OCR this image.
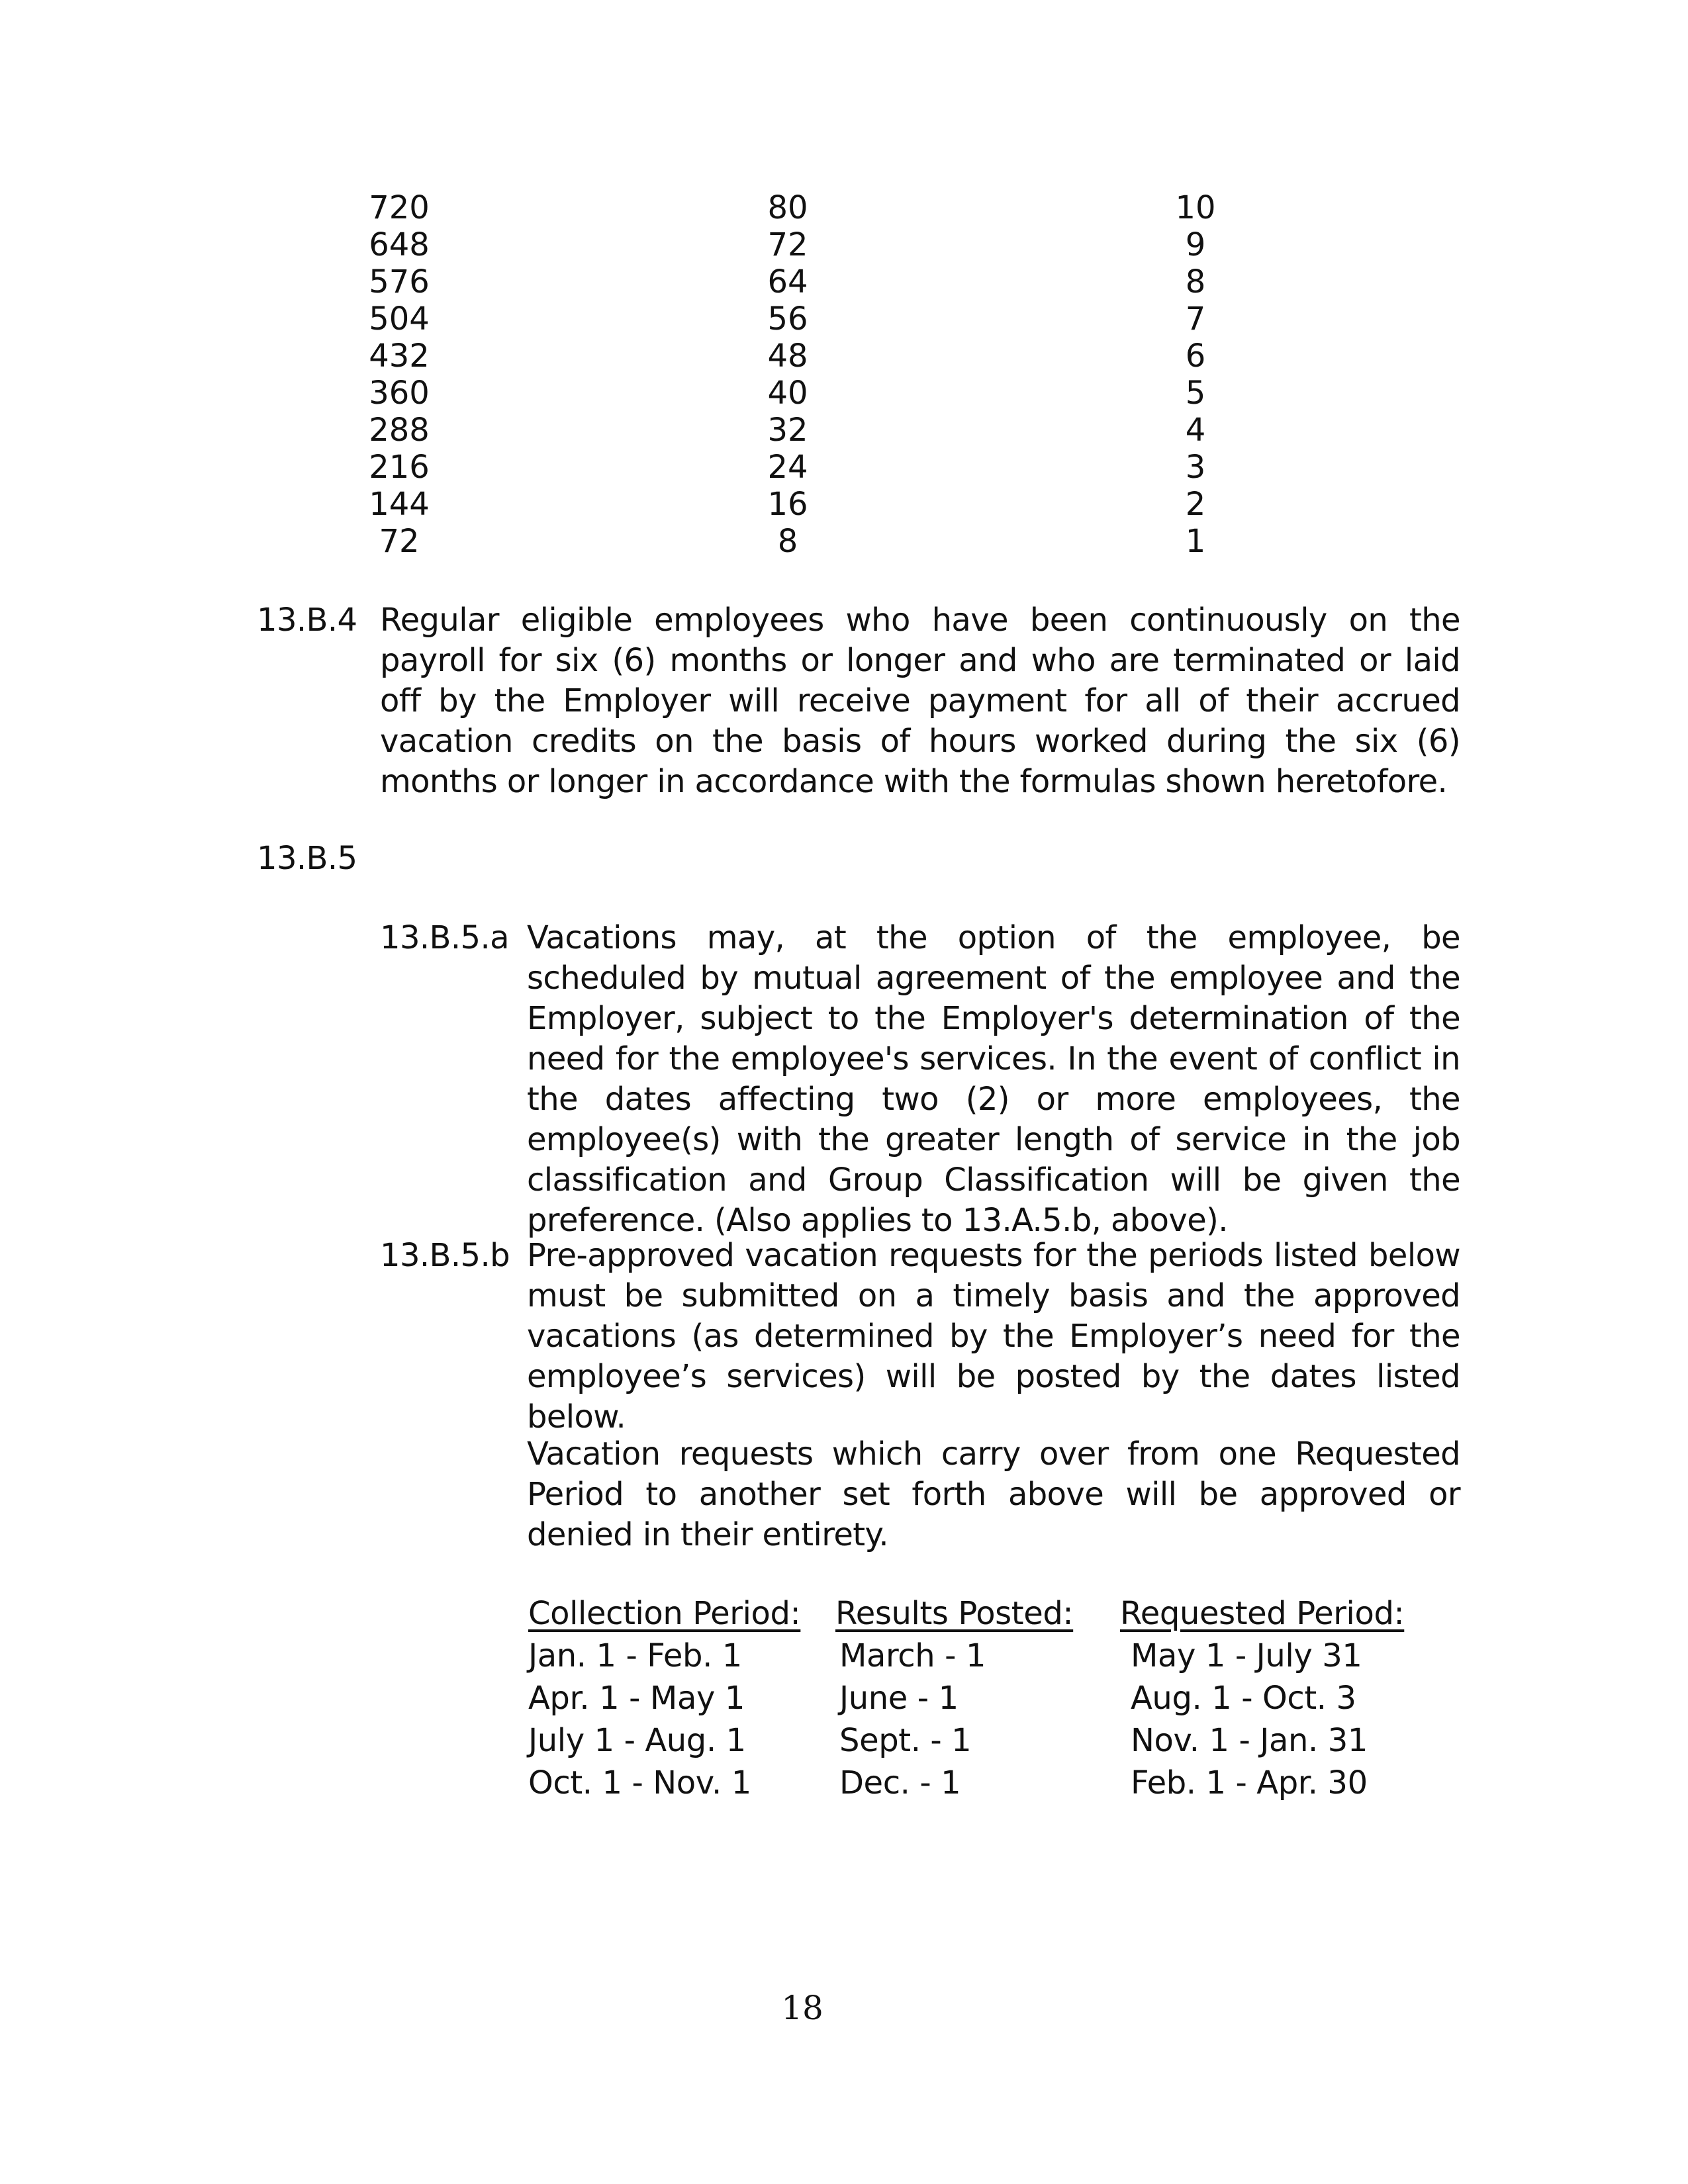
720	80	10
648	72	9
576	64	8
504	56	7
432	48	6
360	40	5
288	32	4
216	24	3
144	16	2
72	8	1
13.B.4 Regular eligible employees who have been continuously on the payroll for six (6) months or longer and who are terminated or laid off by the Employer will receive payment for all of their accrued vacation credits on the basis of hours worked during the six (6) months or longer in accordance with the formulas shown heretofore.
13.B.5
13.B.5.a Vacations may, at the option of the employee, be scheduled by mutual agreement of the employee and the Employer, subject to the Employer's determination of the need for the employee's services. In the event of conflict in the dates affecting two (2) or more employees, the employee(s) with the greater length of service in the job classification and Group Classification will be given the preference. (Also applies to 13.A.5.b, above).
13.B.5.b Pre-approved vacation requests for the periods listed below must be submitted on a timely basis and the approved vacations (as determined by the Employer’s need for the employee’s services) will be posted by the dates listed below.
Vacation requests which carry over from one Requested Period to another set forth above will be approved or denied in their entirety.
Collection Period: Results Posted: Requested Period:
Jan. 1 - Feb. 1	March - 1	May 1 - July 31
Apr. 1 - May 1	June - 1	Aug. 1 - Oct. 3
July 1 - Aug. 1	Sept. - 1	Nov. 1 - Jan. 31
Oct. 1 - Nov. 1	Dec. - 1	Feb. 1 - Apr. 30
18
